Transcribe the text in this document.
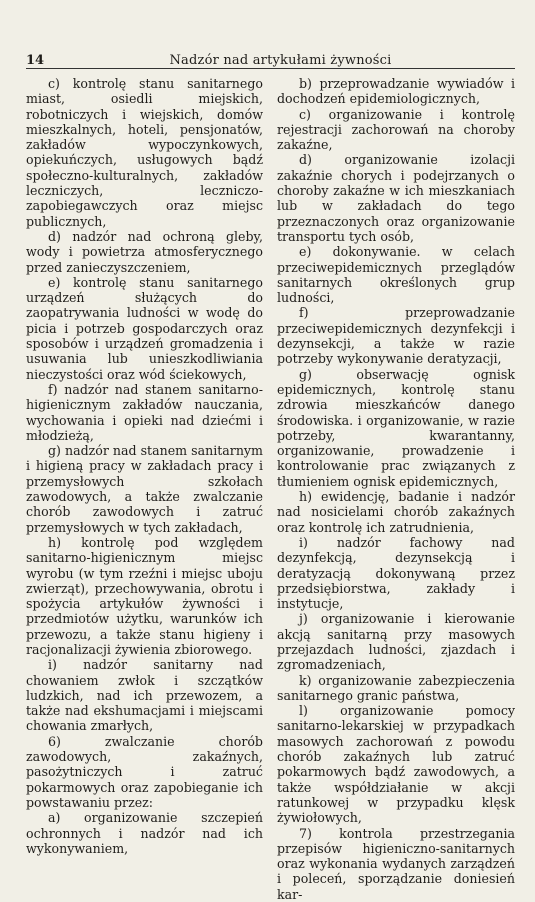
14	Nadzór nad artykułami żywności

c) kontrolę stanu sanitarnego miast, osiedli miejskich, robotniczych i wiejskich, domów mieszkalnych, hoteli, pensjonatów, zakładów wypoczynkowych, opiekuńczych, usługowych bądź społeczno-kulturalnych, zakładów leczniczych, leczniczo-zapobiegawczych oraz miejsc publicznych,

d) nadzór nad ochroną gleby, wody i powietrza atmosferycznego przed zanieczyszczeniem,

e) kontrolę stanu sanitarnego urządzeń służących do zaopatrywania ludności w wodę do picia i potrzeb gospodarczych oraz sposobów i urządzeń gromadzenia i usuwania lub unieszkodliwiania nieczystości oraz wód ściekowych,

f) nadzór nad stanem sanitarno-higienicznym zakładów nauczania, wychowania i opieki nad dziećmi i młodzieżą,

g) nadzór nad stanem sanitarnym i higieną pracy w zakładach pracy i przemysłowych szkołach zawodowych, a także zwalczanie chorób zawodowych i zatruć przemysłowych w tych zakładach,

h) kontrolę pod względem sanitarno-higienicznym miejsc wyrobu (w tym rzeźni i miejsc uboju zwierząt), przechowywania, obrotu i spożycia artykułów żywności i przedmiotów użytku, warunków ich przewozu, a także stanu higieny i racjonalizacji żywienia zbiorowego.

i) nadzór sanitarny nad chowaniem zwłok i szczątków ludzkich, nad ich przewozem, a także nad ekshumacjami i miejscami chowania zmarłych,

6) zwalczanie chorób zawodowych, zakaźnych, pasożytniczych i zatruć pokarmowych oraz zapobieganie ich powstawaniu przez:

a) organizowanie szczepień ochronnych i nadzór nad ich wykonywaniem,

b) przeprowadzanie wywiadów i dochodzeń epidemiologicznych,

c) organizowanie i kontrolę rejestracji zachorowań na choroby zakaźne,

d) organizowanie izolacji zakaźnie chorych i podejrzanych o choroby zakaźne w ich mieszkaniach lub w zakładach do tego przeznaczonych oraz organizowanie transportu tych osób,

e) dokonywanie. w celach przeciwepidemicznych przeglądów sanitarnych określonych grup ludności,

f) przeprowadzanie przeciwepidemicznych dezynfekcji i dezynsekcji, a także w razie potrzeby wykonywanie deratyzacji,

g) obserwację ognisk epidemicznych, kontrolę stanu zdrowia mieszkańców danego środowiska. i organizowanie, w razie potrzeby, kwarantanny, organizowanie, prowadzenie i kontrolowanie prac związanych z tłumieniem ognisk epidemicznych,

h) ewidencję, badanie i nadzór nad nosicielami chorób zakaźnych oraz kontrolę ich zatrudnienia,

i) nadzór fachowy nad dezynfekcją, dezynsekcją i deratyzacją dokonywaną przez przedsiębiorstwa, zakłady i instytucje,

j) organizowanie i kierowanie akcją sanitarną przy masowych przejazdach ludności, zjazdach i zgromadzeniach,

k) organizowanie zabezpieczenia sanitarnego granic państwa,

l) organizowanie pomocy sanitarno-lekarskiej w przypadkach masowych zachorowań z powodu chorób zakaźnych lub zatruć pokarmowych bądź zawodowych, a także współdziałanie w akcji ratunkowej w przypadku klęsk żywiołowych,

7) kontrola przestrzegania przepisów higieniczno-sanitarnych oraz wykonania wydanych zarządzeń i poleceń, sporządzanie doniesień kar-
